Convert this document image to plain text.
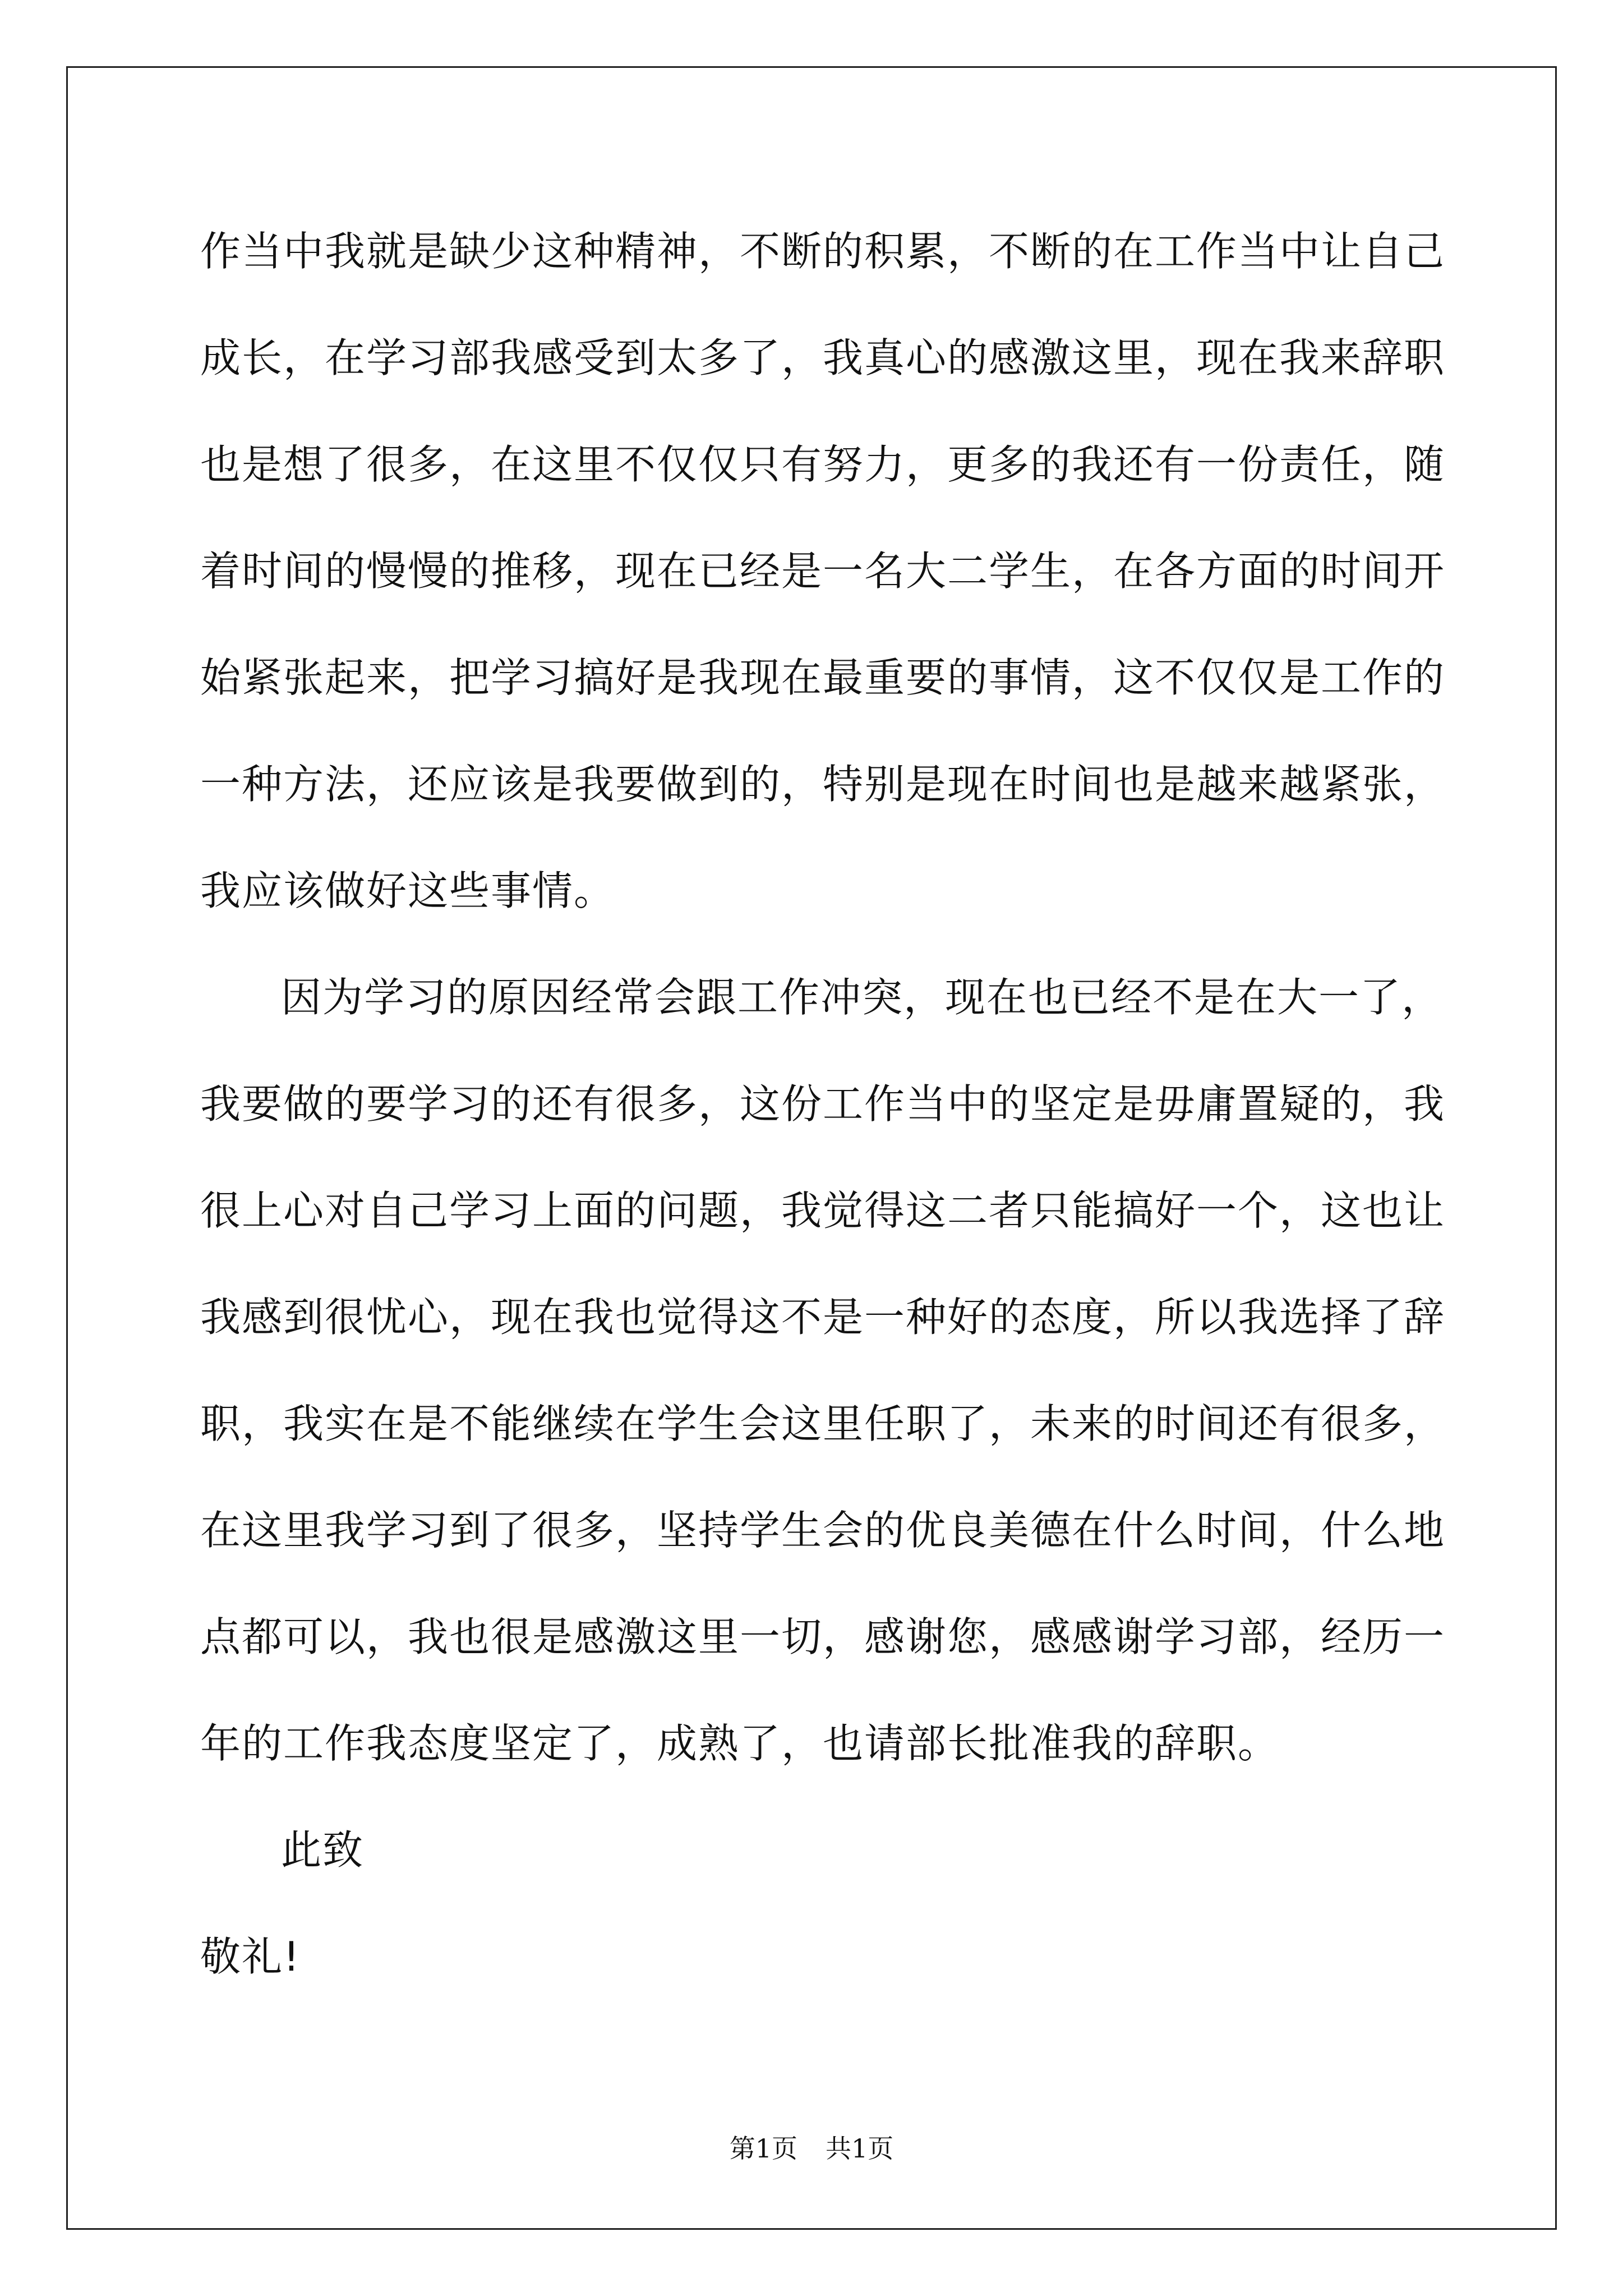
作当中我就是缺少这种精神，不断的积累，不断的在工作当中让自己
成长，在学习部我感受到太多了，我真心的感激这里，现在我来辞职
也是想了很多，在这里不仅仅只有努力，更多的我还有一份责任，随
着时间的慢慢的推移，现在已经是一名大二学生，在各方面的时间开
始紧张起来，把学习搞好是我现在最重要的事情，这不仅仅是工作的
一种方法，还应该是我要做到的，特别是现在时间也是越来越紧张，
我应该做好这些事情。
因为学习的原因经常会跟工作冲突，现在也已经不是在大一了，
我要做的要学习的还有很多，这份工作当中的坚定是毋庸置疑的，我
很上心对自己学习上面的问题，我觉得这二者只能搞好一个，这也让
我感到很忧心，现在我也觉得这不是一种好的态度，所以我选择了辞
职，我实在是不能继续在学生会这里任职了，未来的时间还有很多，
在这里我学习到了很多，坚持学生会的优良美德在什么时间，什么地
点都可以，我也很是感激这里一切，感谢您，感感谢学习部，经历一
年的工作我态度坚定了，成熟了，也请部长批准我的辞职。
此致
敬礼!
第1页 共1页
